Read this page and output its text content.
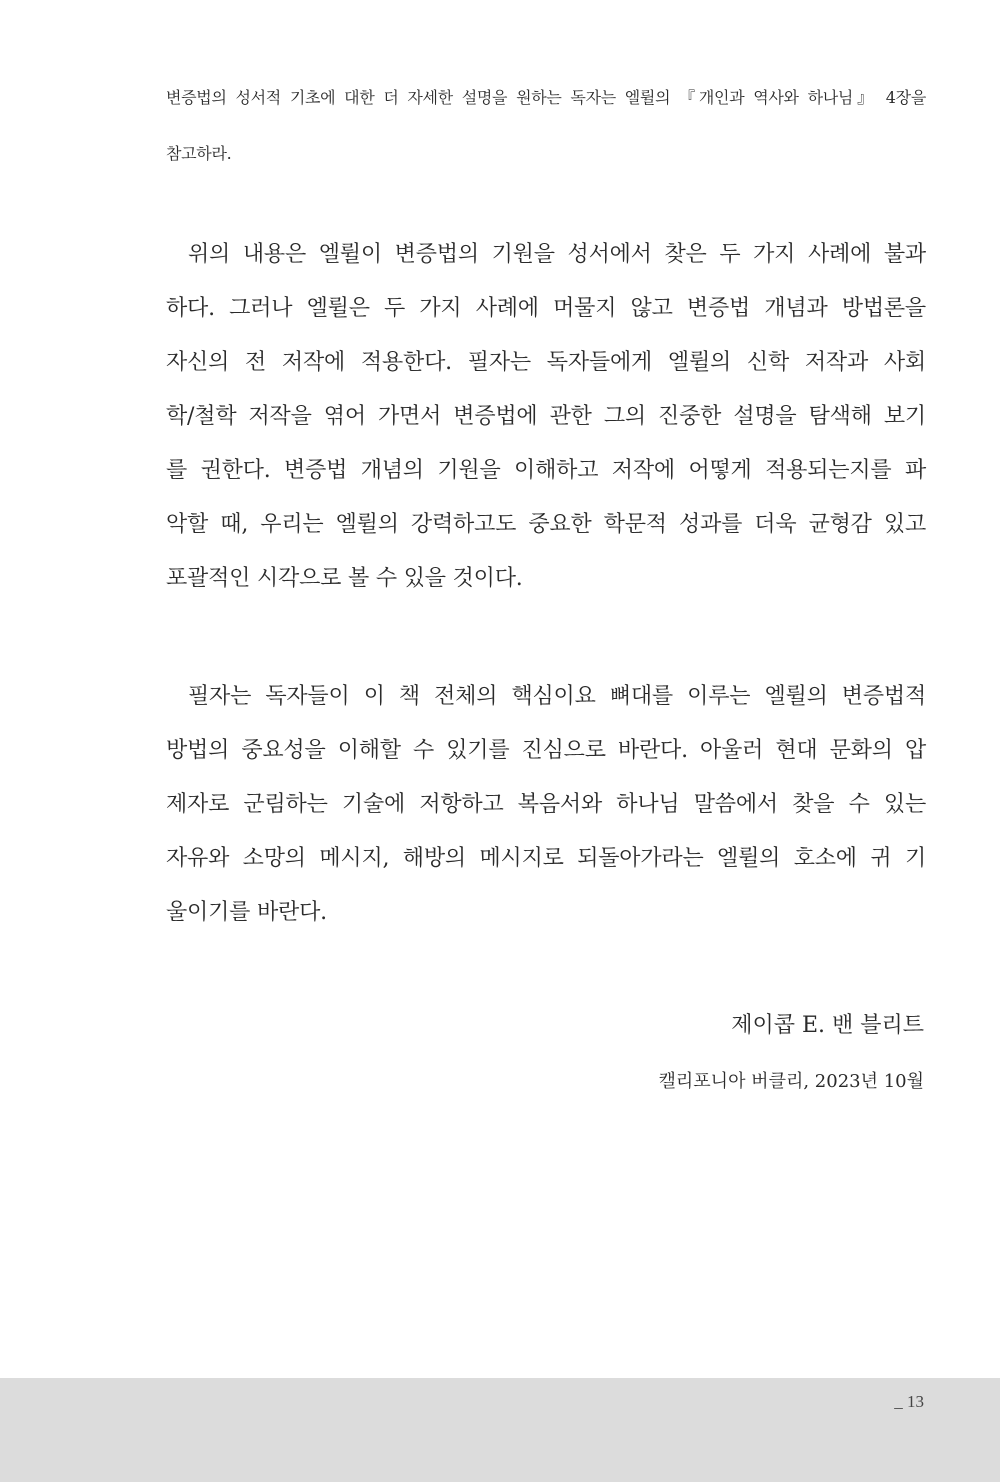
변증법의 성서적 기초에 대한 더 자세한 설명을 원하는 독자는 엘륄의 『개인과 역사와 하나님』 4장을
참고하라.
위의 내용은 엘륄이 변증법의 기원을 성서에서 찾은 두 가지 사례에 불과
하다. 그러나 엘륄은 두 가지 사례에 머물지 않고 변증법 개념과 방법론을
자신의 전 저작에 적용한다. 필자는 독자들에게 엘륄의 신학 저작과 사회
학/철학 저작을 엮어 가면서 변증법에 관한 그의 진중한 설명을 탐색해 보기
를 권한다. 변증법 개념의 기원을 이해하고 저작에 어떻게 적용되는지를 파
악할 때, 우리는 엘륄의 강력하고도 중요한 학문적 성과를 더욱 균형감 있고
포괄적인 시각으로 볼 수 있을 것이다.
필자는 독자들이 이 책 전체의 핵심이요 뼈대를 이루는 엘륄의 변증법적
방법의 중요성을 이해할 수 있기를 진심으로 바란다. 아울러 현대 문화의 압
제자로 군림하는 기술에 저항하고 복음서와 하나님 말씀에서 찾을 수 있는
자유와 소망의 메시지, 해방의 메시지로 되돌아가라는 엘륄의 호소에 귀 기
울이기를 바란다.
제이콥 E. 밴 블리트
캘리포니아 버클리, 2023년 10월
_ 13
